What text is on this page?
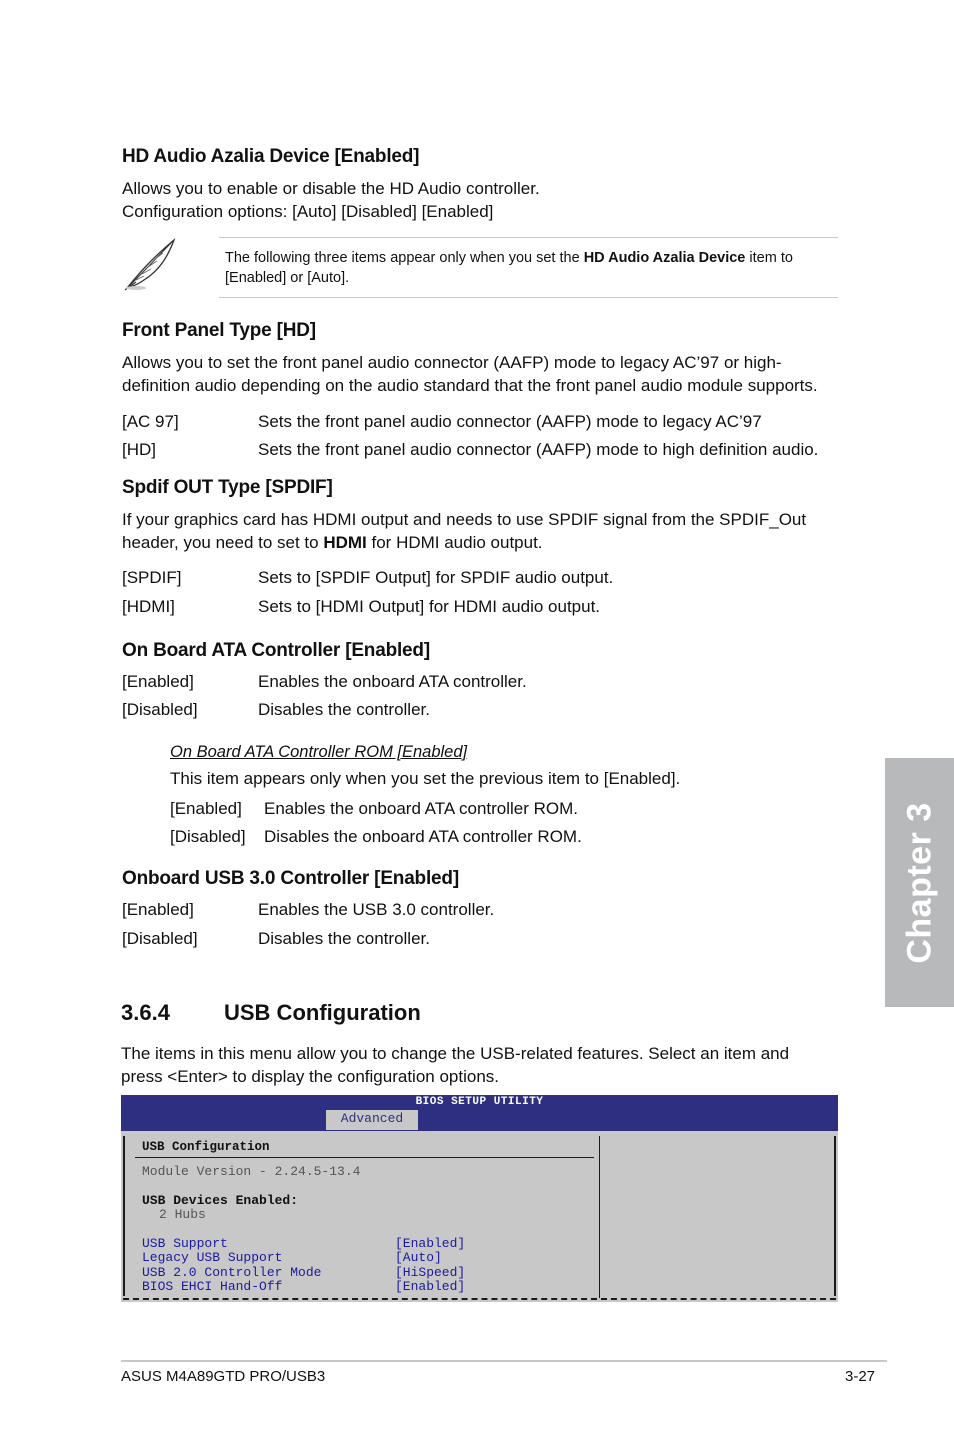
Chapter 3
HD Audio Azalia Device [Enabled]
Allows you to enable or disable the HD Audio controller.
Configuration options: [Auto] [Disabled] [Enabled]
The following three items appear only when you set the HD Audio Azalia Device item to
[Enabled] or [Auto].
Front Panel Type [HD]
Allows you to set the front panel audio connector (AAFP) mode to legacy AC’97 or high-
definition audio depending on the audio standard that the front panel audio module supports.
[AC 97]	Sets the front panel audio connector (AAFP) mode to legacy AC’97
[HD]	Sets the front panel audio connector (AAFP) mode to high definition audio.
Spdif OUT Type [SPDIF]
If your graphics card has HDMI output and needs to use SPDIF signal from the SPDIF_Out
header, you need to set to HDMI for HDMI audio output.
[SPDIF]	Sets to [SPDIF Output] for SPDIF audio output.
[HDMI]	Sets to [HDMI Output] for HDMI audio output.
On Board ATA Controller [Enabled]
[Enabled]	Enables the onboard ATA controller.
[Disabled]	Disables the controller.
On Board ATA Controller ROM [Enabled]
This item appears only when you set the previous item to [Enabled].
[Enabled] Enables the onboard ATA controller ROM.
[Disabled] Disables the onboard ATA controller ROM.
Onboard USB 3.0 Controller [Enabled]
[Enabled]	Enables the USB 3.0 controller.
[Disabled]	Disables the controller.
3.6.4 USB Configuration
The items in this menu allow you to change the USB-related features. Select an item and
press <Enter> to display the configuration options.
BIOS SETUP UTILITY
Advanced
USB Configuration
Module Version - 2.24.5-13.4
USB Devices Enabled:
2 Hubs
USB Support	[Enabled]
Legacy USB Support	[Auto]
USB 2.0 Controller Mode	[HiSpeed]
BIOS EHCI Hand-Off	[Enabled]
ASUS M4A89GTD PRO/USB3	3-27
